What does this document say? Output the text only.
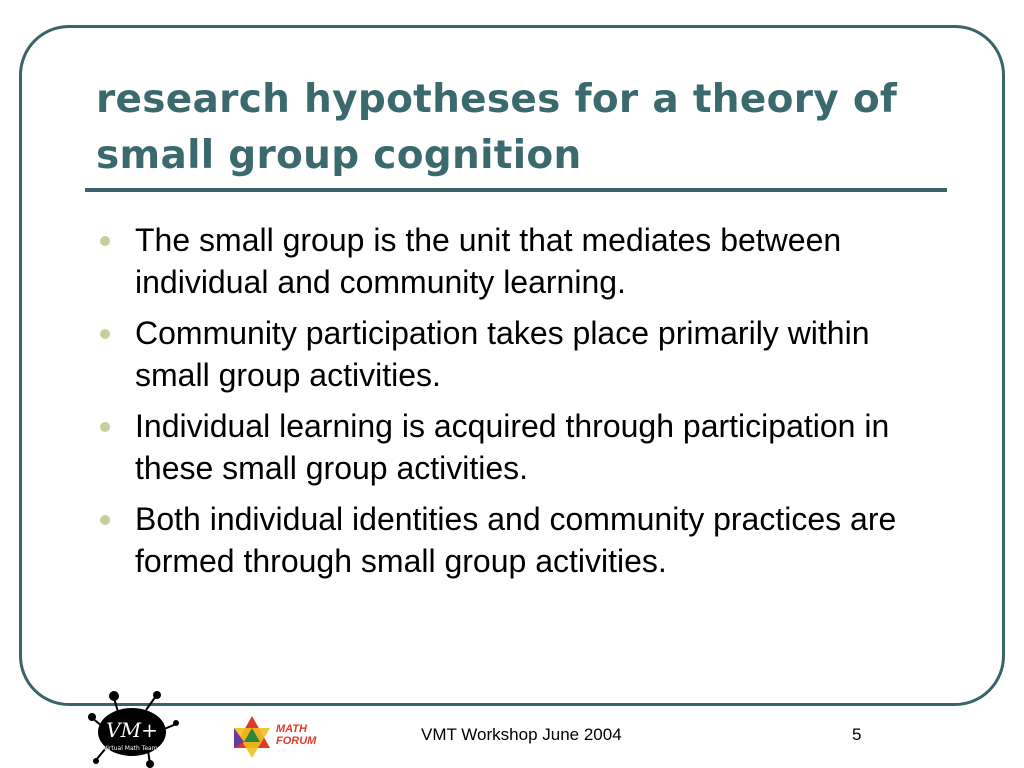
research hypotheses for a theory of small group cognition
The small group is the unit that mediates between individual and community learning.
Community participation takes place primarily within small group activities.
Individual learning is acquired through participation in these small group activities.
Both individual identities and community practices are formed through small group activities.
VM+
Virtual Math Teams
MATH
FORUM	VMT Workshop June 2004	5
